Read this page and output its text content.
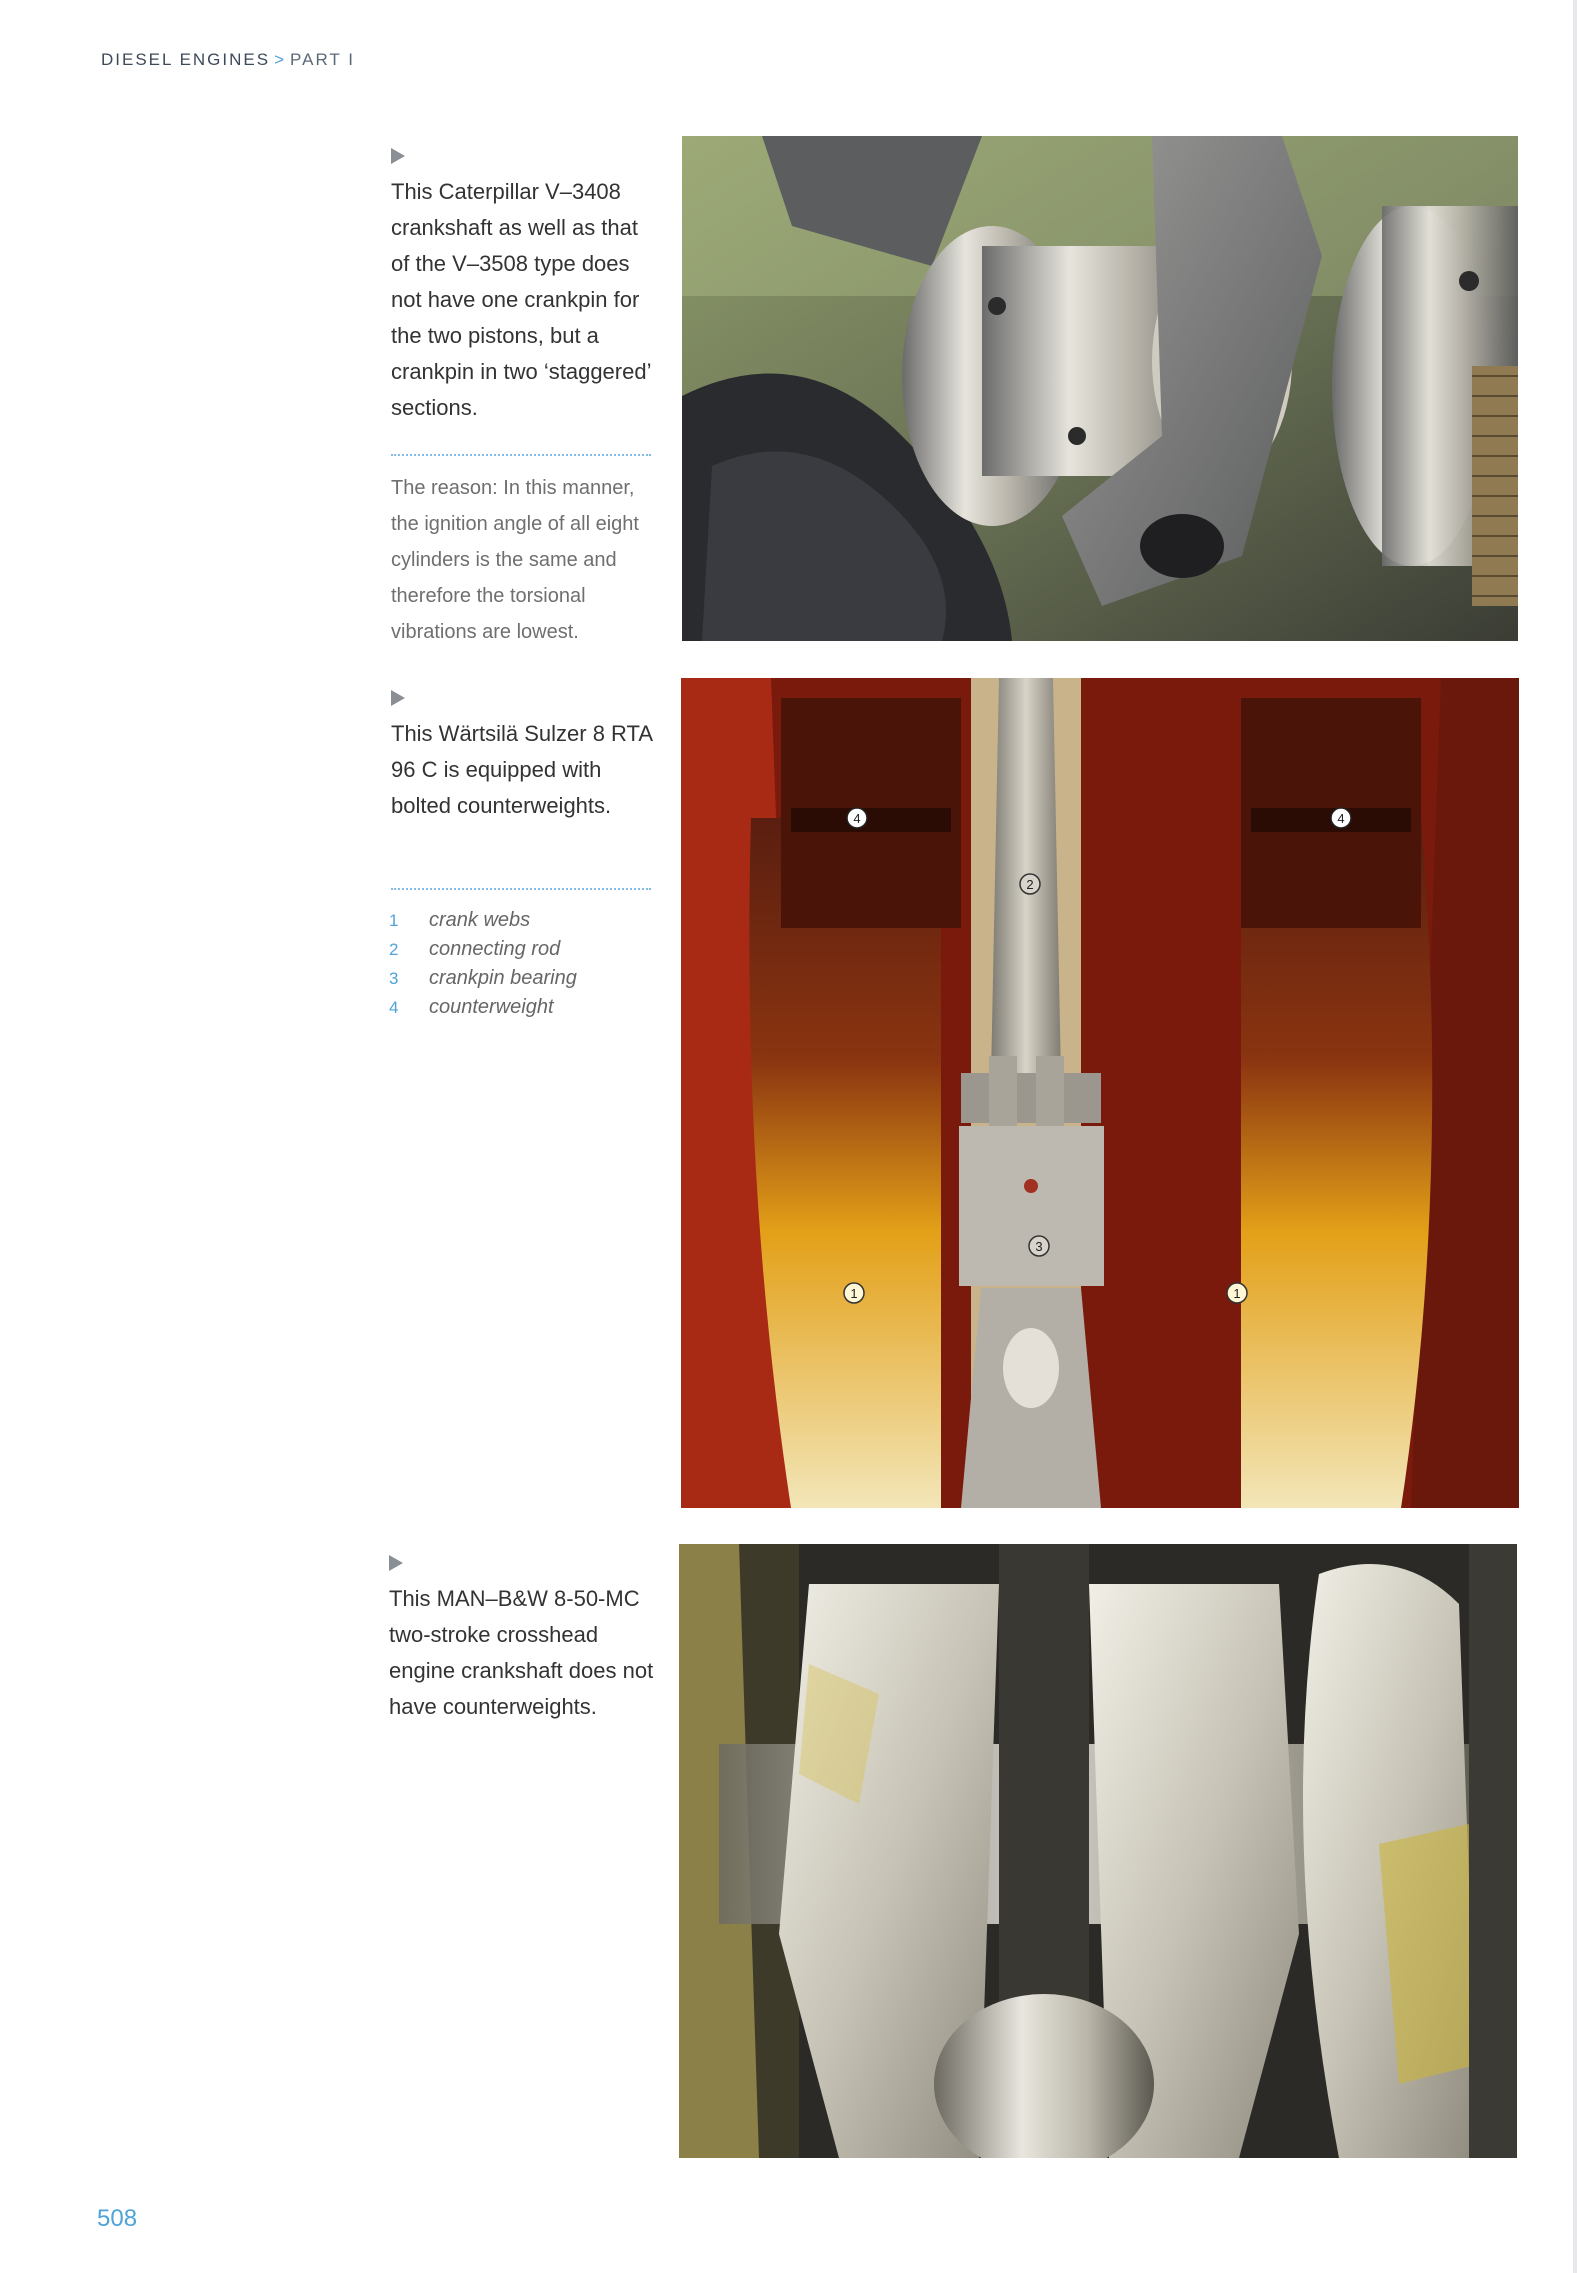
DIESEL ENGINES > PART I
This Caterpillar V–3408 crankshaft as well as that of the V–3508 type does not have one crankpin for the two pistons, but a crankpin in two ‘staggered’ sections.
The reason: In this manner, the ignition angle of all eight cylinders is the same and therefore the torsional vibrations are lowest.
This Wärtsilä Sulzer 8 RTA 96 C is equipped with bolted counterweights.
1	crank webs
2	connecting rod
3	crankpin bearing
4	counterweight
4	4
2
3
1	1
This MAN–B&W 8-50-MC two-stroke crosshead engine crankshaft does not have counterweights.
508
